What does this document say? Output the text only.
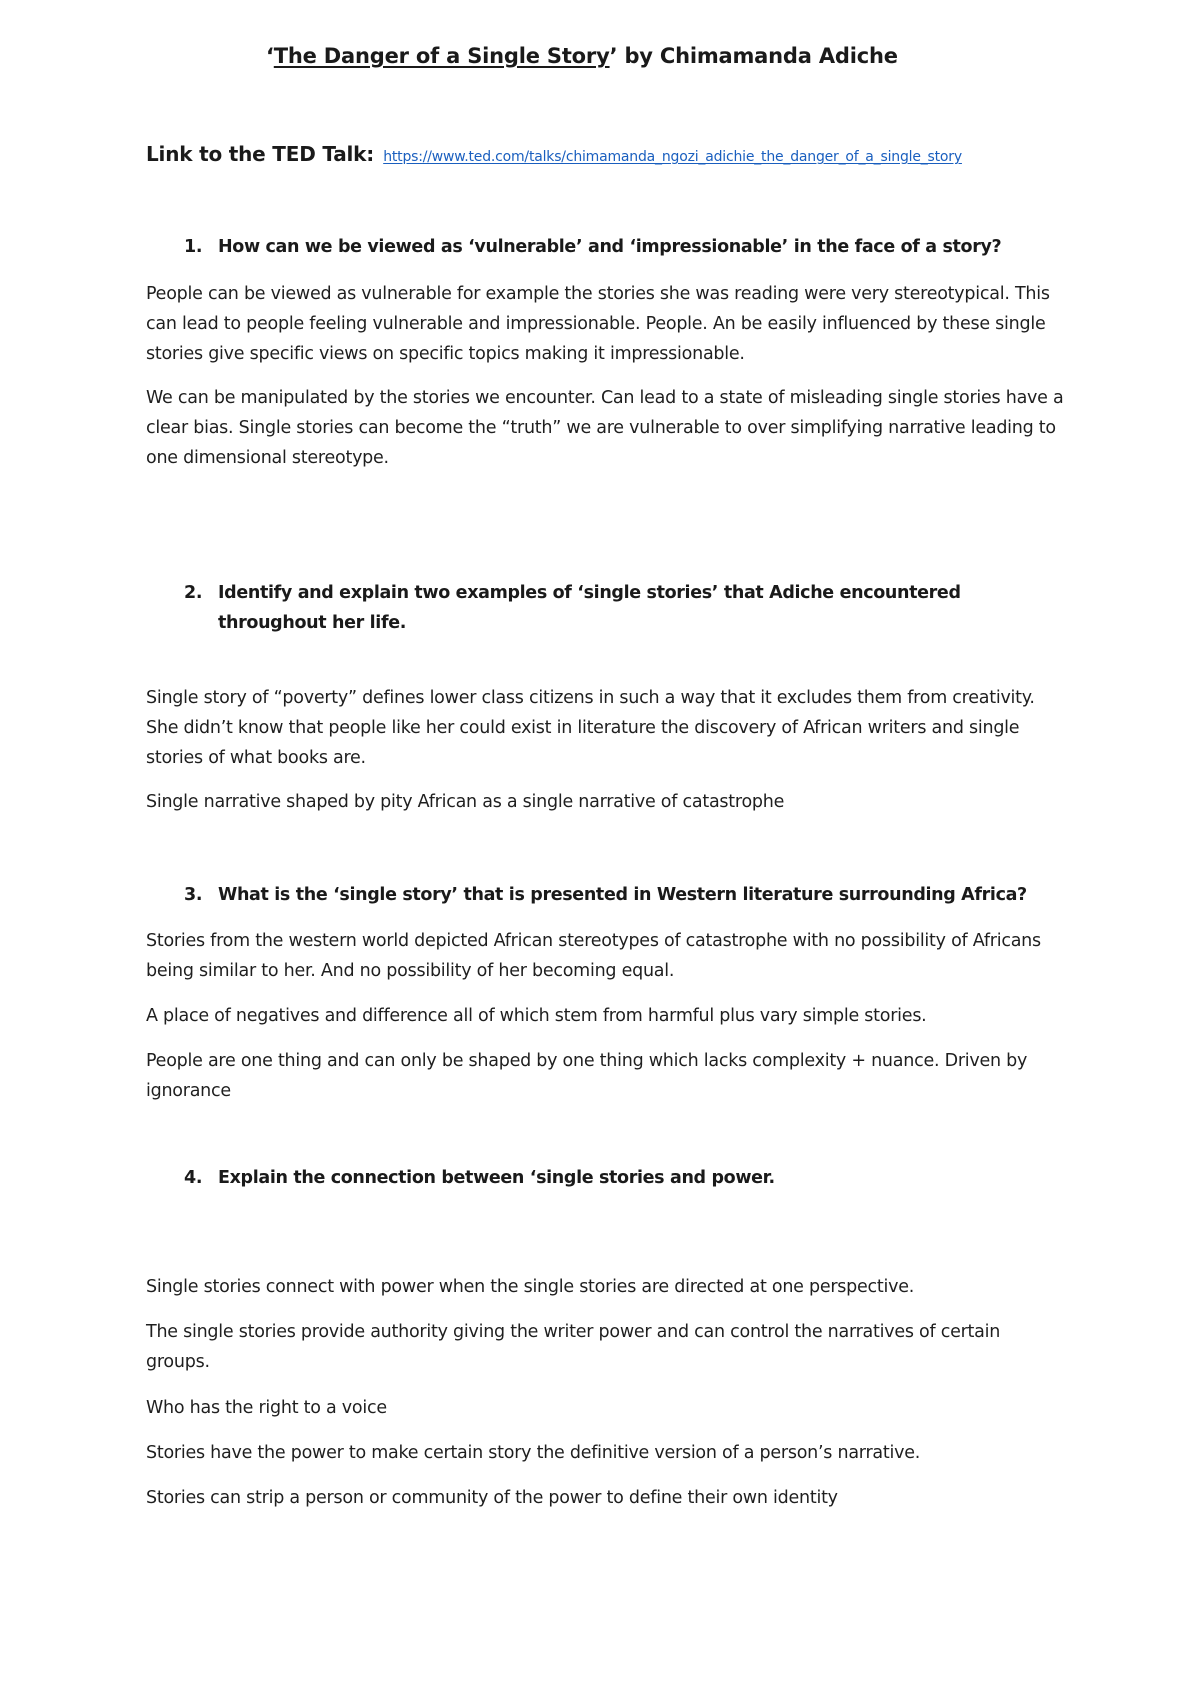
‘The Danger of a Single Story’ by Chimamanda Adiche
Link to the TED Talk: https://www.ted.com/talks/chimamanda_ngozi_adichie_the_danger_of_a_single_story
1. How can we be viewed as ‘vulnerable’ and ‘impressionable’ in the face of a story?
People can be viewed as vulnerable for example the stories she was reading were very stereotypical. This can lead to people feeling vulnerable and impressionable. People. An be easily influenced by these single stories give specific views on specific topics making it impressionable.
We can be manipulated by the stories we encounter. Can lead to a state of misleading single stories have a clear bias. Single stories can become the “truth” we are vulnerable to over simplifying narrative leading to one dimensional stereotype.
2. Identify and explain two examples of ‘single stories’ that Adiche encountered throughout her life.
Single story of “poverty” defines lower class citizens in such a way that it excludes them from creativity. She didn’t know that people like her could exist in literature the discovery of African writers and single stories of what books are.
Single narrative shaped by pity African as a single narrative of catastrophe
3. What is the ‘single story’ that is presented in Western literature surrounding Africa?
Stories from the western world depicted African stereotypes of catastrophe with no possibility of Africans being similar to her. And no possibility of her becoming equal.
A place of negatives and difference all of which stem from harmful plus vary simple stories.
People are one thing and can only be shaped by one thing which lacks complexity + nuance. Driven by ignorance
4. Explain the connection between ‘single stories and power.
Single stories connect with power when the single stories are directed at one perspective.
The single stories provide authority giving the writer power and can control the narratives of certain groups.
Who has the right to a voice
Stories have the power to make certain story the definitive version of a person’s narrative.
Stories can strip a person or community of the power to define their own identity
